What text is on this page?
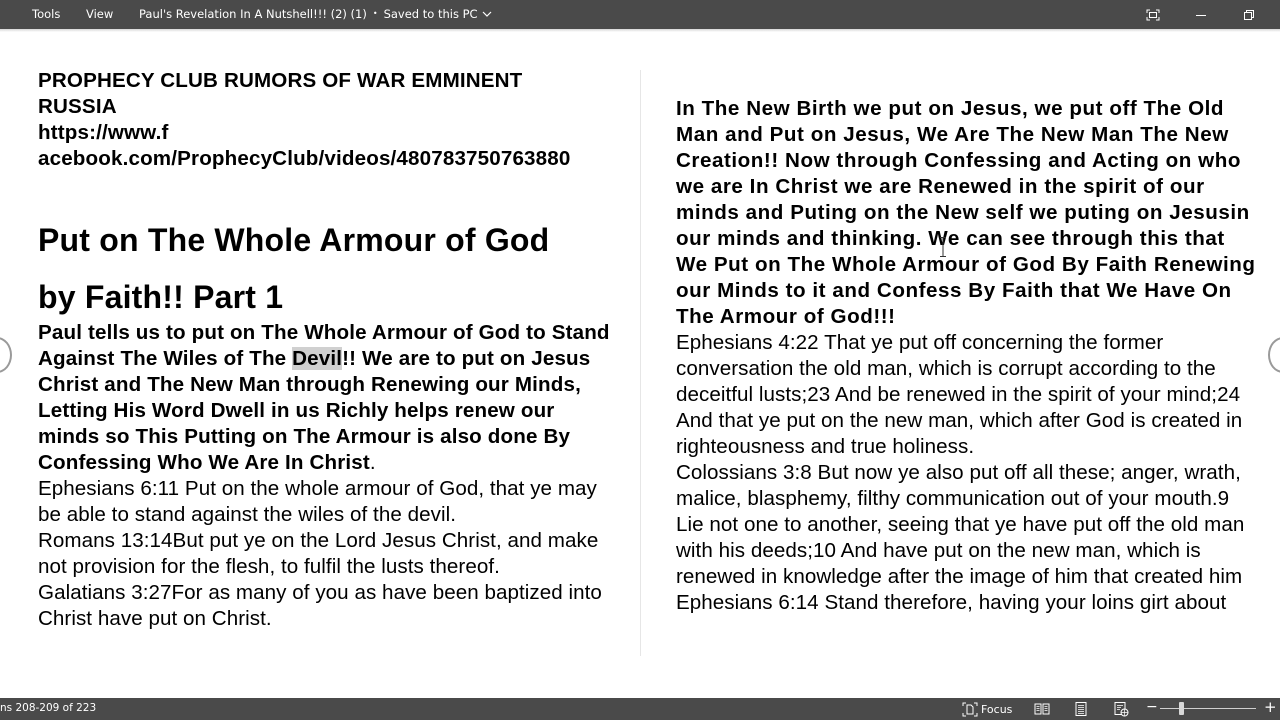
Tools View Paul's Revelation In A Nutshell!!! (2) (1) • Saved to this PC
PROPHECY CLUB RUMORS OF WAR EMMINENT
RUSSIA
https://www.f
acebook.com/ProphecyClub/videos/480783750763880
Put on The Whole Armour of God
by Faith!! Part 1
Paul tells us to put on The Whole Armour of God to Stand Against The Wiles of The Devil!! We are to put on Jesus Christ and The New Man through Renewing our Minds, Letting His Word Dwell in us Richly helps renew our minds so This Putting on The Armour is also done By Confessing Who We Are In Christ.
Ephesians 6:11 Put on the whole armour of God, that ye may be able to stand against the wiles of the devil.
Romans 13:14But put ye on the Lord Jesus Christ, and make not provision for the flesh, to fulfil the lusts thereof.
Galatians 3:27For as many of you as have been baptized into Christ have put on Christ.
In The New Birth we put on Jesus, we put off The Old Man and Put on Jesus, We Are The New Man The New Creation!! Now through Confessing and Acting on who we are In Christ we are Renewed in the spirit of our minds and Puting on the New self we puting on Jesusin our minds and thinking. We can see through this that We Put on The Whole Armour of God By Faith Renewing our Minds to it and Confess By Faith that We Have On The Armour of God!!!
Ephesians 4:22 That ye put off concerning the former conversation the old man, which is corrupt according to the deceitful lusts;23 And be renewed in the spirit of your mind;24 And that ye put on the new man, which after God is created in righteousness and true holiness.
Colossians 3:8 But now ye also put off all these; anger, wrath, malice, blasphemy, filthy communication out of your mouth.9 Lie not one to another, seeing that ye have put off the old man with his deeds;10 And have put on the new man, which is renewed in knowledge after the image of him that created him
Ephesians 6:14 Stand therefore, having your loins girt about
ns 208-209 of 223	Focus	−	+
